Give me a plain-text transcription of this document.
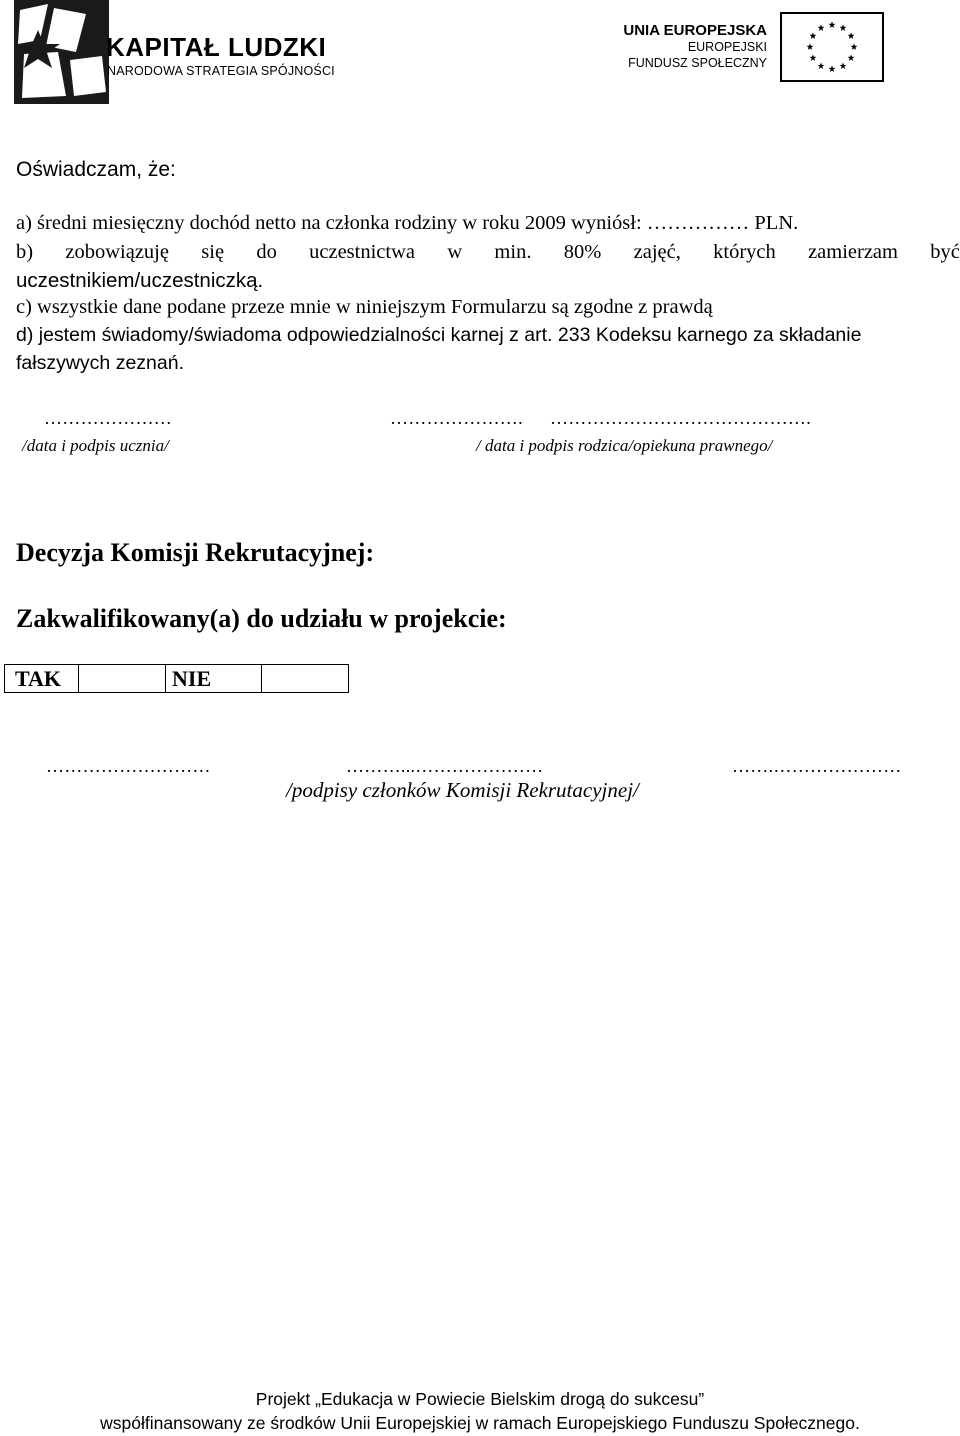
KAPITAŁ LUDZKI
NARODOWA STRATEGIA SPÓJNOŚCI
UNIA EUROPEJSKA
EUROPEJSKI
FUNDUSZ SPOŁECZNY
Oświadczam, że:
a) średni miesięczny dochód netto na członka rodziny w roku 2009 wyniósł: …………… PLN.
b) zobowiązuję się do uczestnictwa w min. 80% zajęć, których zamierzam być
uczestnikiem/uczestniczką.
c) wszystkie dane podane przeze mnie w niniejszym Formularzu są zgodne z prawdą
d) jestem świadomy/świadoma odpowiedzialności karnej z art. 233 Kodeksu karnego za składanie
fałszywych zeznań.
…………………	…………………. …………………………………….
/data i podpis ucznia/	/ data i podpis rodzica/opiekuna prawnego/
Decyzja Komisji Rekrutacyjnej:
Zakwalifikowany(a) do udziału w projekcie:
TAK		NIE	
………………………	………...…………………	…….…………………
/podpisy członków Komisji Rekrutacyjnej/
Projekt „Edukacja w Powiecie Bielskim drogą do sukcesu”
współfinansowany ze środków Unii Europejskiej w ramach Europejskiego Funduszu Społecznego.
